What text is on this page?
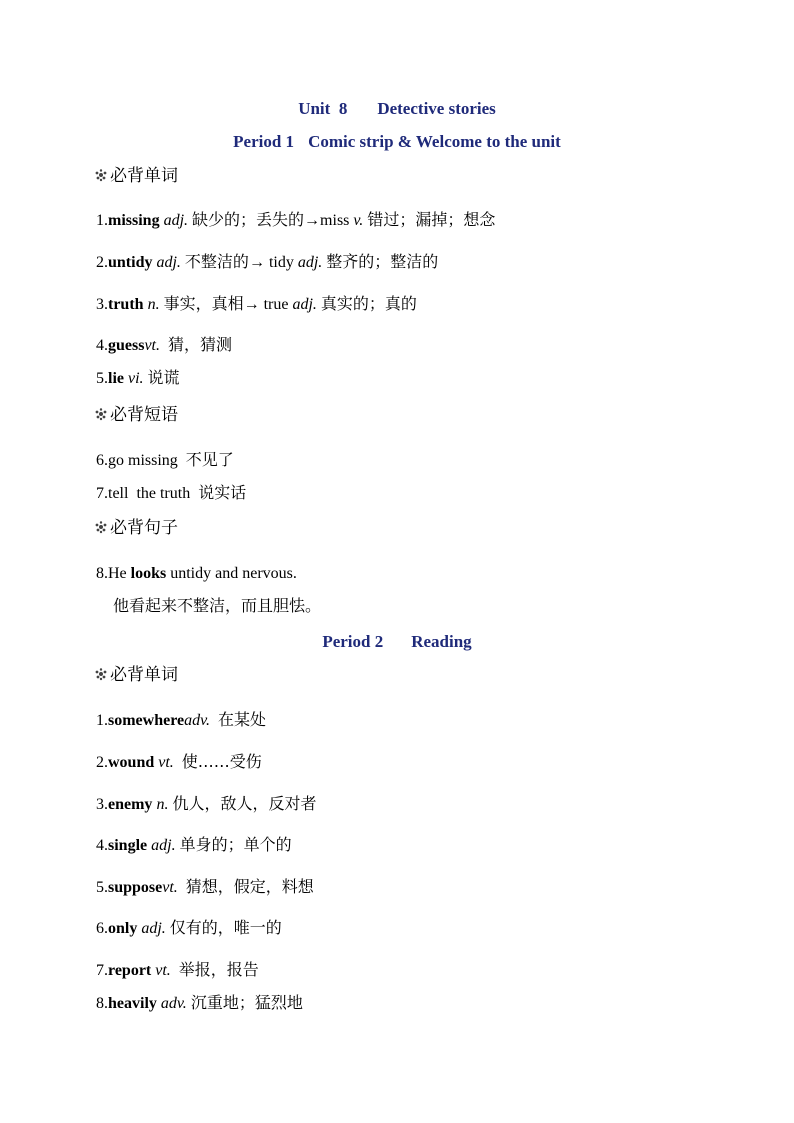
Unit  8 Detective stories
Period 1 Comic strip & Welcome to the unit
必背单词
1.missing adj. 缺少的；丢失的→miss v. 错过；漏掉；想念
2.untidy adj. 不整洁的→ tidy adj. 整齐的；整洁的
3.truth n. 事实，真相→ true adj. 真实的；真的
4.guessvt. 猜，猜测
5.lie vi. 说谎
必背短语
6.go missing 不见了
7.tell  the truth 说实话
必背句子
8.He looks untidy and nervous.
他看起来不整洁，而且胆怯。
Period 2 Reading
必背单词
1.somewhereadv. 在某处
2.wound vt. 使……受伤
3.enemy n. 仇人，敌人，反对者
4.single adj. 单身的；单个的
5.supposevt. 猜想，假定，料想
6.only adj. 仅有的，唯一的
7.report vt. 举报，报告
8.heavily adv. 沉重地；猛烈地
